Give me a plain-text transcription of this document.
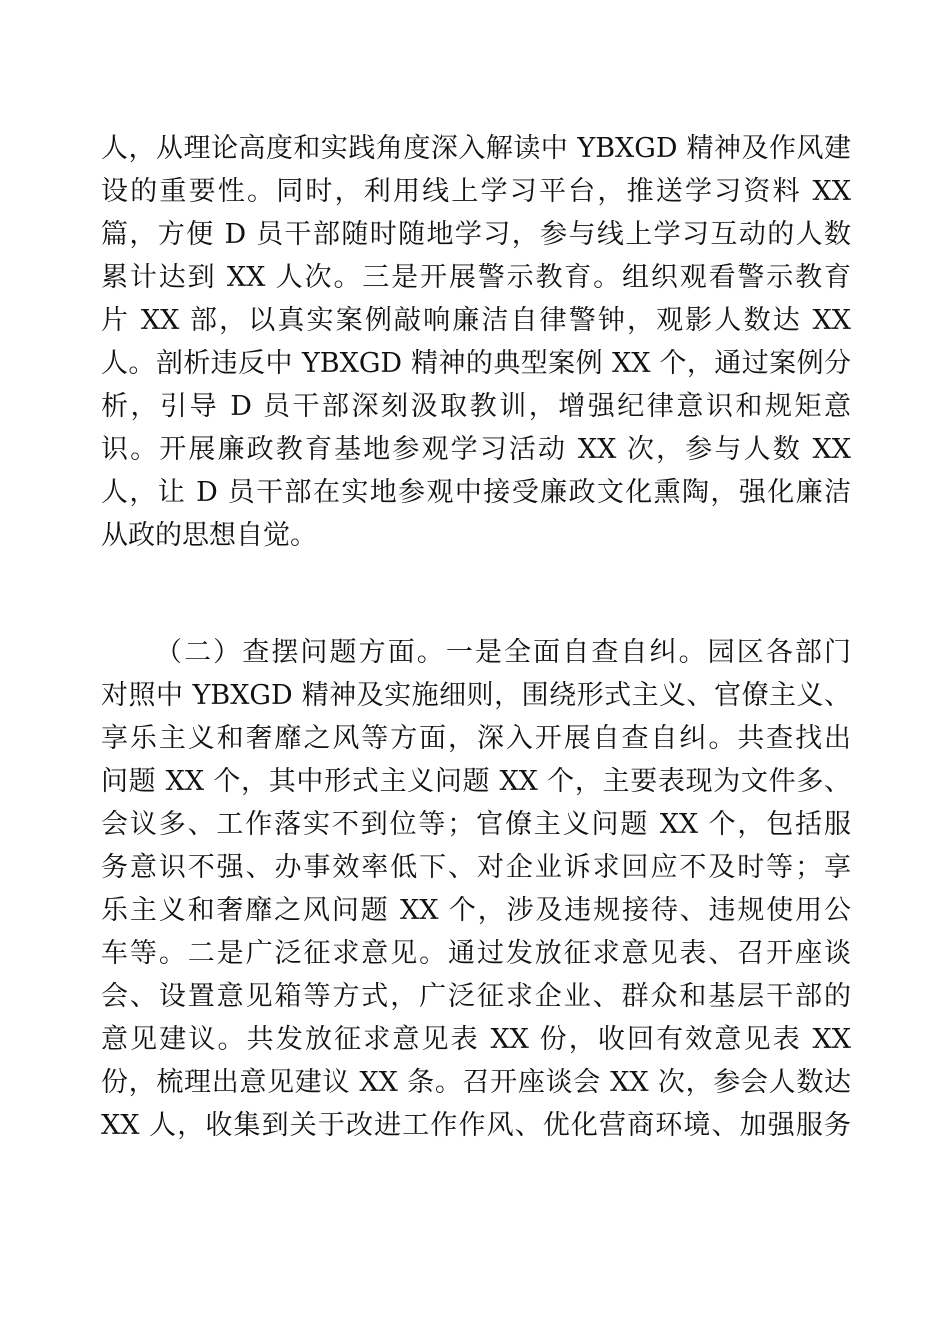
人，从理论高度和实践角度深入解读中 YBXGD 精神及作风建
设的重要性。同时，利用线上学习平台，推送学习资料 XX
篇，方便 D 员干部随时随地学习，参与线上学习互动的人数
累计达到 XX 人次。三是开展警示教育。组织观看警示教育
片 XX 部，以真实案例敲响廉洁自律警钟，观影人数达 XX
人。剖析违反中 YBXGD 精神的典型案例 XX 个，通过案例分
析，引导 D 员干部深刻汲取教训，增强纪律意识和规矩意
识。开展廉政教育基地参观学习活动 XX 次，参与人数 XX
人，让 D 员干部在实地参观中接受廉政文化熏陶，强化廉洁
从政的思想自觉。
（二）查摆问题方面。一是全面自查自纠。园区各部门
对照中 YBXGD 精神及实施细则，围绕形式主义、官僚主义、
享乐主义和奢靡之风等方面，深入开展自查自纠。共查找出
问题 XX 个，其中形式主义问题 XX 个，主要表现为文件多、
会议多、工作落实不到位等；官僚主义问题 XX 个，包括服
务意识不强、办事效率低下、对企业诉求回应不及时等；享
乐主义和奢靡之风问题 XX 个，涉及违规接待、违规使用公
车等。二是广泛征求意见。通过发放征求意见表、召开座谈
会、设置意见箱等方式，广泛征求企业、群众和基层干部的
意见建议。共发放征求意见表 XX 份，收回有效意见表 XX
份，梳理出意见建议 XX 条。召开座谈会 XX 次，参会人数达
XX 人，收集到关于改进工作作风、优化营商环境、加强服务
